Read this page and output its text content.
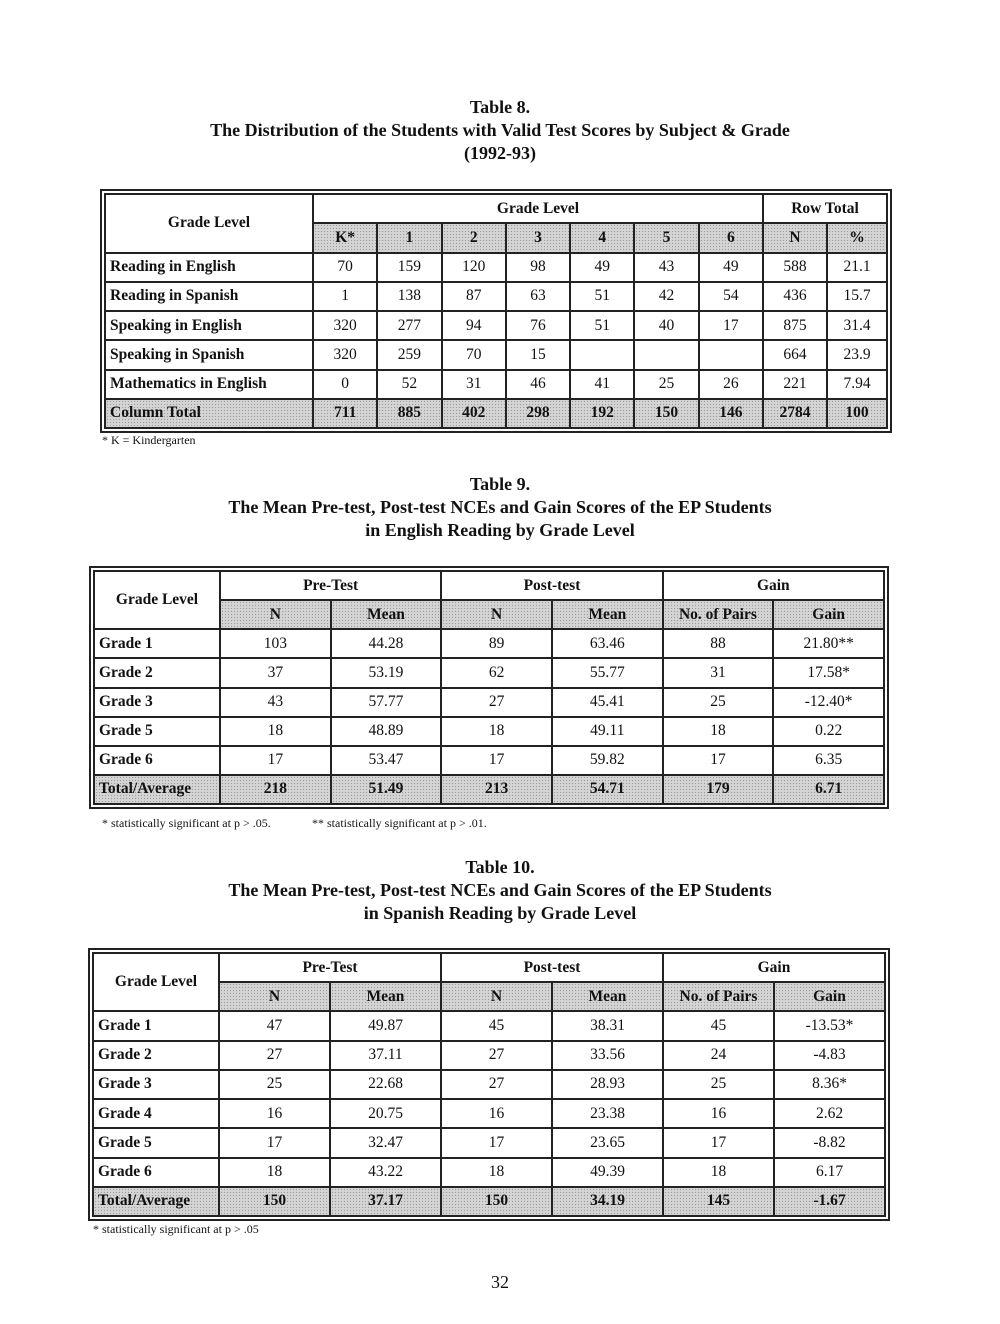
Table 8.
The Distribution of the Students with Valid Test Scores by Subject & Grade
(1992-93)
Grade Level	Grade Level							Row Total	
	K*	1	2	3	4	5	6	N	%
Reading in English	70	159	120	98	49	43	49	588	21.1
Reading in Spanish	1	138	87	63	51	42	54	436	15.7
Speaking in English	320	277	94	76	51	40	17	875	31.4
Speaking in Spanish	320	259	70	15				664	23.9
Mathematics in English	0	52	31	46	41	25	26	221	7.94
Column Total	711	885	402	298	192	150	146	2784	100
* K = Kindergarten
Table 9.
The Mean Pre-test, Post-test NCEs and Gain Scores of the EP Students
in English Reading by Grade Level
Grade Level	Pre-Test		Post-test		Gain	
	N	Mean	N	Mean	No. of Pairs	Gain
Grade 1	103	44.28	89	63.46	88	21.80**
Grade 2	37	53.19	62	55.77	31	17.58*
Grade 3	43	57.77	27	45.41	25	-12.40*
Grade 5	18	48.89	18	49.11	18	0.22
Grade 6	17	53.47	17	59.82	17	6.35
Total/Average	218	51.49	213	54.71	179	6.71
* statistically significant at p > .05.	** statistically significant at p > .01.
Table 10.
The Mean Pre-test, Post-test NCEs and Gain Scores of the EP Students
in Spanish Reading by Grade Level
Grade Level	Pre-Test		Post-test		Gain	
	N	Mean	N	Mean	No. of Pairs	Gain
Grade 1	47	49.87	45	38.31	45	-13.53*
Grade 2	27	37.11	27	33.56	24	-4.83
Grade 3	25	22.68	27	28.93	25	8.36*
Grade 4	16	20.75	16	23.38	16	2.62
Grade 5	17	32.47	17	23.65	17	-8.82
Grade 6	18	43.22	18	49.39	18	6.17
Total/Average	150	37.17	150	34.19	145	-1.67
* statistically significant at p > .05
32
